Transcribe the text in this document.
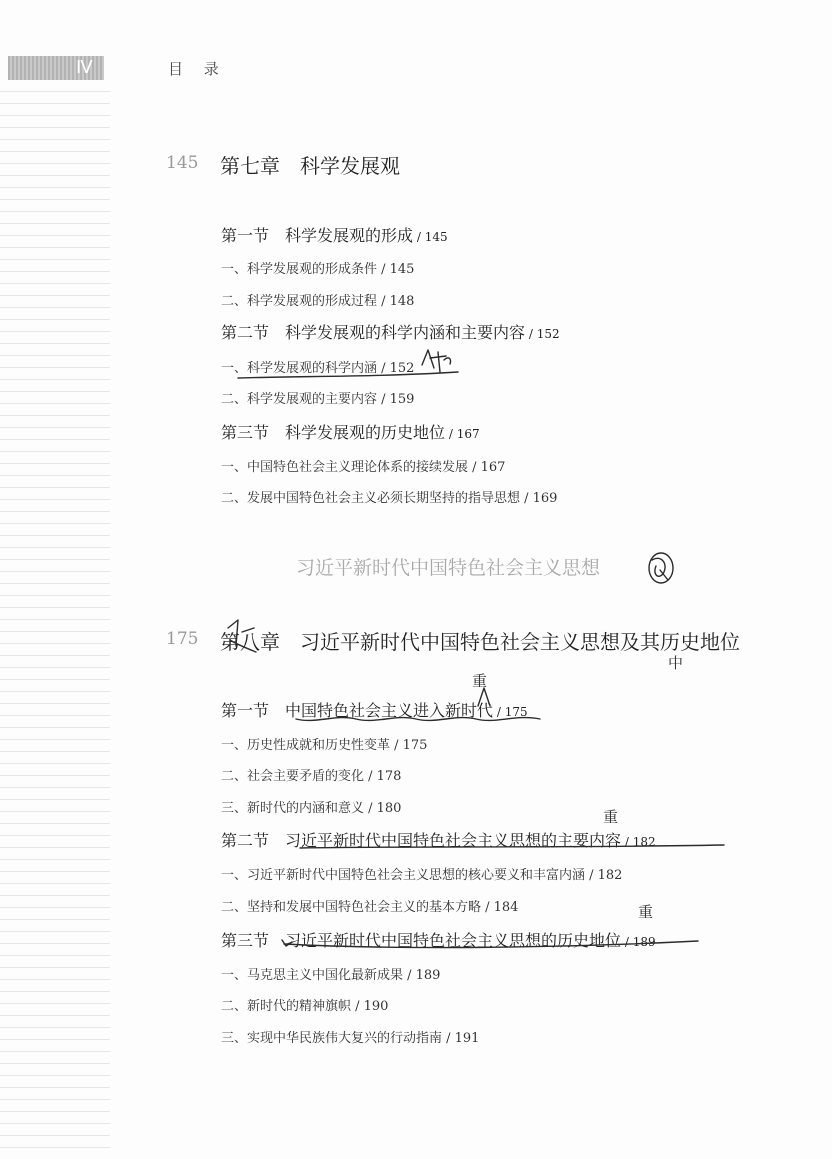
Ⅳ	目 录
145 第七章　科学发展观
第一节　科学发展观的形成 / 145
一、科学发展观的形成条件 / 145
二、科学发展观的形成过程 / 148
第二节　科学发展观的科学内涵和主要内容 / 152
一、科学发展观的科学内涵 / 152
二、科学发展观的主要内容 / 159
第三节　科学发展观的历史地位 / 167
一、中国特色社会主义理论体系的接续发展 / 167
二、发展中国特色社会主义必须长期坚持的指导思想 / 169
习近平新时代中国特色社会主义思想
175 第八章　习近平新时代中国特色社会主义思想及其历史地位
第一节　中国特色社会主义进入新时代 / 175
一、历史性成就和历史性变革 / 175
二、社会主要矛盾的变化 / 178
三、新时代的内涵和意义 / 180
第二节　习近平新时代中国特色社会主义思想的主要内容 / 182
一、习近平新时代中国特色社会主义思想的核心要义和丰富内涵 / 182
二、坚持和发展中国特色社会主义的基本方略 / 184
第三节　习近平新时代中国特色社会主义思想的历史地位 / 189
一、马克思主义中国化最新成果 / 189
二、新时代的精神旗帜 / 190
三、实现中华民族伟大复兴的行动指南 / 191
重
重
重
中
